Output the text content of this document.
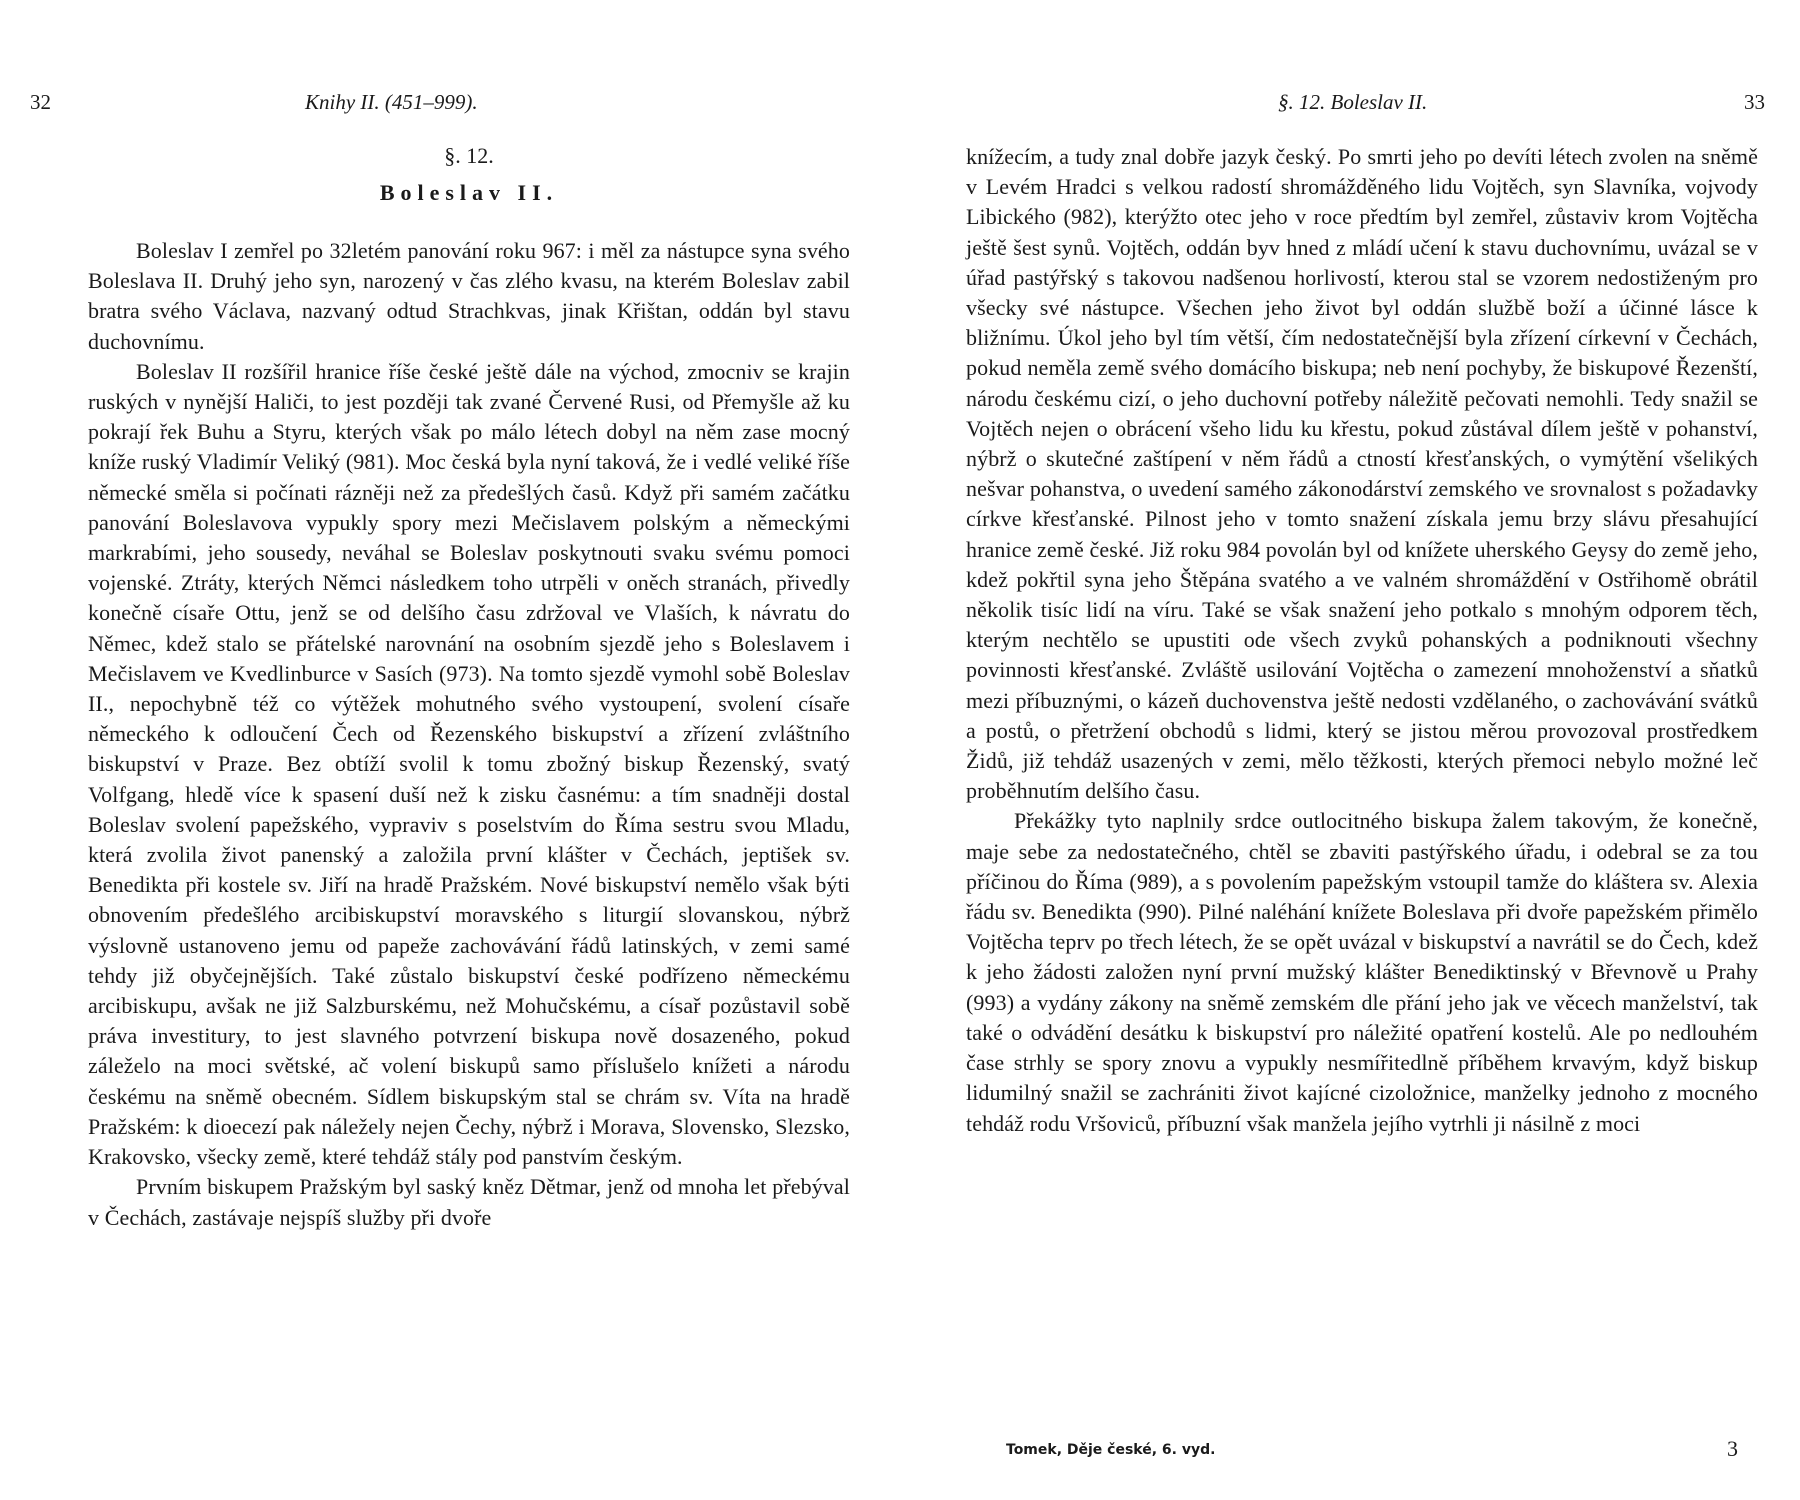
32	Knihy II. (451–999).
§. 12.
Boleslav II.

Boleslav I zemřel po 32letém panování roku 967: i měl za nástupce syna svého Boleslava II. Druhý jeho syn, narozený v čas zlého kvasu, na kterém Boleslav zabil bratra svého Václava, nazvaný odtud Strachkvas, jinak Křištan, oddán byl stavu duchovnímu.

Boleslav II rozšířil hranice říše české ještě dále na východ, zmocniv se krajin ruských v nynější Haliči, to jest později tak zvané Červené Rusi, od Přemyšle až ku pokrají řek Buhu a Styru, kterých však po málo létech dobyl na něm zase mocný kníže ruský Vladimír Veliký (981). Moc česká byla nyní taková, že i vedlé veliké říše německé směla si počínati rázněji než za předešlých časů. Když při samém začátku panování Boleslavova vypukly spory mezi Mečislavem polským a německými markrabími, jeho sousedy, neváhal se Boleslav poskytnouti svaku svému pomoci vojenské. Ztráty, kterých Němci následkem toho utrpěli v oněch stranách, přivedly konečně císaře Ottu, jenž se od delšího času zdržoval ve Vlaších, k návratu do Němec, kdež stalo se přátelské narovnání na osobním sjezdě jeho s Boleslavem i Mečislavem ve Kvedlinburce v Sasích (973). Na tomto sjezdě vymohl sobě Boleslav II., nepochybně též co výtěžek mohutného svého vystoupení, svolení císaře německého k odloučení Čech od Řezenského biskupství a zřízení zvláštního biskupství v Praze. Bez obtíží svolil k tomu zbožný biskup Řezenský, svatý Volfgang, hledě více k spasení duší než k zisku časnému: a tím snadněji dostal Boleslav svolení papežského, vypraviv s poselstvím do Říma sestru svou Mladu, která zvolila život panenský a založila první klášter v Čechách, jeptišek sv. Benedikta při kostele sv. Jiří na hradě Pražském. Nové biskupství nemělo však býti obnovením předešlého arcibiskupství moravského s liturgií slovanskou, nýbrž výslovně ustanoveno jemu od papeže zachovávání řádů latinských, v zemi samé tehdy již obyčejnějších. Také zůstalo biskupství české podřízeno německému arcibiskupu, avšak ne již Salzburskému, než Mohučskému, a císař pozůstavil sobě práva investitury, to jest slavného potvrzení biskupa nově dosazeného, pokud záleželo na moci světské, ač volení biskupů samo příslušelo knížeti a národu českému na sněmě obecném. Sídlem biskupským stal se chrám sv. Víta na hradě Pražském: k dioecezí pak náležely nejen Čechy, nýbrž i Morava, Slovensko, Slezsko, Krakovsko, všecky země, které tehdáž stály pod panstvím českým.

Prvním biskupem Pražským byl saský kněz Dětmar, jenž od mnoha let přebýval v Čechách, zastávaje nejspíš služby při dvoře

§. 12. Boleslav II.	33

knížecím, a tudy znal dobře jazyk český. Po smrti jeho po devíti létech zvolen na sněmě v Levém Hradci s velkou radostí shromážděného lidu Vojtěch, syn Slavníka, vojvody Libického (982), kterýžto otec jeho v roce předtím byl zemřel, zůstaviv krom Vojtěcha ještě šest synů. Vojtěch, oddán byv hned z mládí učení k stavu duchovnímu, uvázal se v úřad pastýřský s takovou nadšenou horlivostí, kterou stal se vzorem nedostiženým pro všecky své nástupce. Všechen jeho život byl oddán službě boží a účinné lásce k bližnímu. Úkol jeho byl tím větší, čím nedostatečnější byla zřízení církevní v Čechách, pokud neměla země svého domácího biskupa; neb není pochyby, že biskupové Řezenští, národu českému cizí, o jeho duchovní potřeby náležitě pečovati nemohli. Tedy snažil se Vojtěch nejen o obrácení všeho lidu ku křestu, pokud zůstával dílem ještě v pohanství, nýbrž o skutečné zaštípení v něm řádů a ctností křesťanských, o vymýtění všelikých nešvar pohanstva, o uvedení samého zákonodárství zemského ve srovnalost s požadavky církve křesťanské. Pilnost jeho v tomto snažení získala jemu brzy slávu přesahující hranice země české. Již roku 984 povolán byl od knížete uherského Geysy do země jeho, kdež pokřtil syna jeho Štěpána svatého a ve valném shromáždění v Ostřihomě obrátil několik tisíc lidí na víru. Také se však snažení jeho potkalo s mnohým odporem těch, kterým nechtělo se upustiti ode všech zvyků pohanských a podniknouti všechny povinnosti křesťanské. Zvláště usilování Vojtěcha o zamezení mnohoženství a sňatků mezi příbuznými, o kázeň duchovenstva ještě nedosti vzdělaného, o zachovávání svátků a postů, o přetržení obchodů s lidmi, který se jistou měrou provozoval prostředkem Židů, již tehdáž usazených v zemi, mělo těžkosti, kterých přemoci nebylo možné leč proběhnutím delšího času.

Překážky tyto naplnily srdce outlocitného biskupa žalem takovým, že konečně, maje sebe za nedostatečného, chtěl se zbaviti pastýřského úřadu, i odebral se za tou příčinou do Říma (989), a s povolením papežským vstoupil tamže do kláštera sv. Alexia řádu sv. Benedikta (990). Pilné naléhání knížete Boleslava při dvoře papežském přimělo Vojtěcha teprv po třech létech, že se opět uvázal v biskupství a navrátil se do Čech, kdež k jeho žádosti založen nyní první mužský klášter Benediktinský v Břevnově u Prahy (993) a vydány zákony na sněmě zemském dle přání jeho jak ve věcech manželství, tak také o odvádění desátku k biskupství pro náležité opatření kostelů. Ale po nedlouhém čase strhly se spory znovu a vypukly nesmířitedlně příběhem krvavým, když biskup lidumilný snažil se zachrániti život kajícné cizoložnice, manželky jednoho z mocného tehdáž rodu Vršoviců, příbuzní však manžela jejího vytrhli ji násilně z moci

Tomek, Děje české, 6. vyd.	3
